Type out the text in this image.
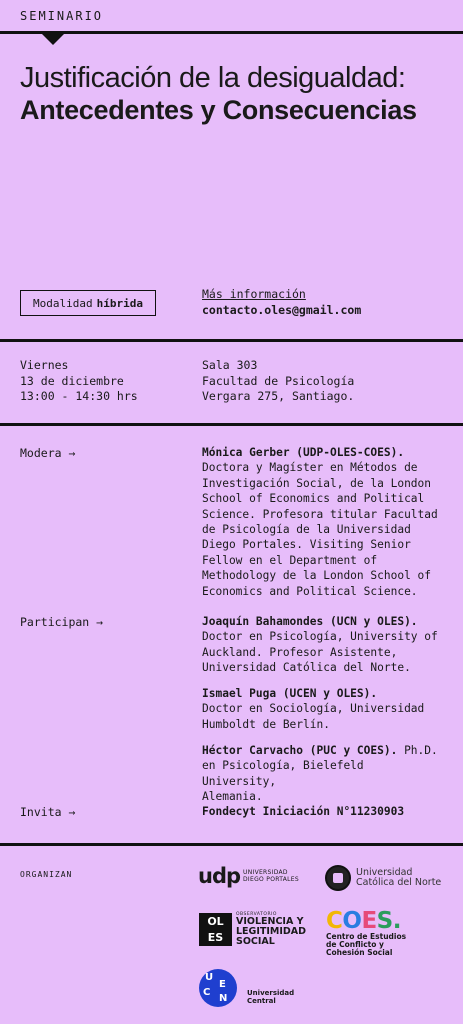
SEMINARIO
Justificación de la desigualdad:
Antecedentes y Consecuencias
Modalidad híbrida
Más información
contacto.oles@gmail.com
Viernes
13 de diciembre
13:00 - 14:30 hrs
Sala 303
Facultad de Psicología
Vergara 275, Santiago.
Modera →	Mónica Gerber (UDP-OLES-COES).
Doctora y Magíster en Métodos de
Investigación Social, de la London
School of Economics and Political
Science. Profesora titular Facultad
de Psicología de la Universidad
Diego Portales. Visiting Senior
Fellow en el Department of
Methodology de la London School of
Economics and Political Science.
Participan →	Joaquín Bahamondes (UCN y OLES).
Doctor en Psicología, University of
Auckland. Profesor Asistente,
Universidad Católica del Norte.
Ismael Puga (UCEN y OLES).
Doctor en Sociología, Universidad
Humboldt de Berlín.
Héctor Carvacho (PUC y COES). Ph.D.
en Psicología, Bielefeld University,
Alemania.
Invita →	Fondecyt Iniciación N°11230903
ORGANIZAN	udp UNIVERSIDAD
DIEGO PORTALES
Universidad
Católica del Norte
OL
ES
OBSERVATORIO
VIOLENCIA Y
LEGITIMIDAD
SOCIAL
COES.
Centro de Estudios
de Conflicto y
Cohesión Social
U
C
E
N	Universidad
Central
